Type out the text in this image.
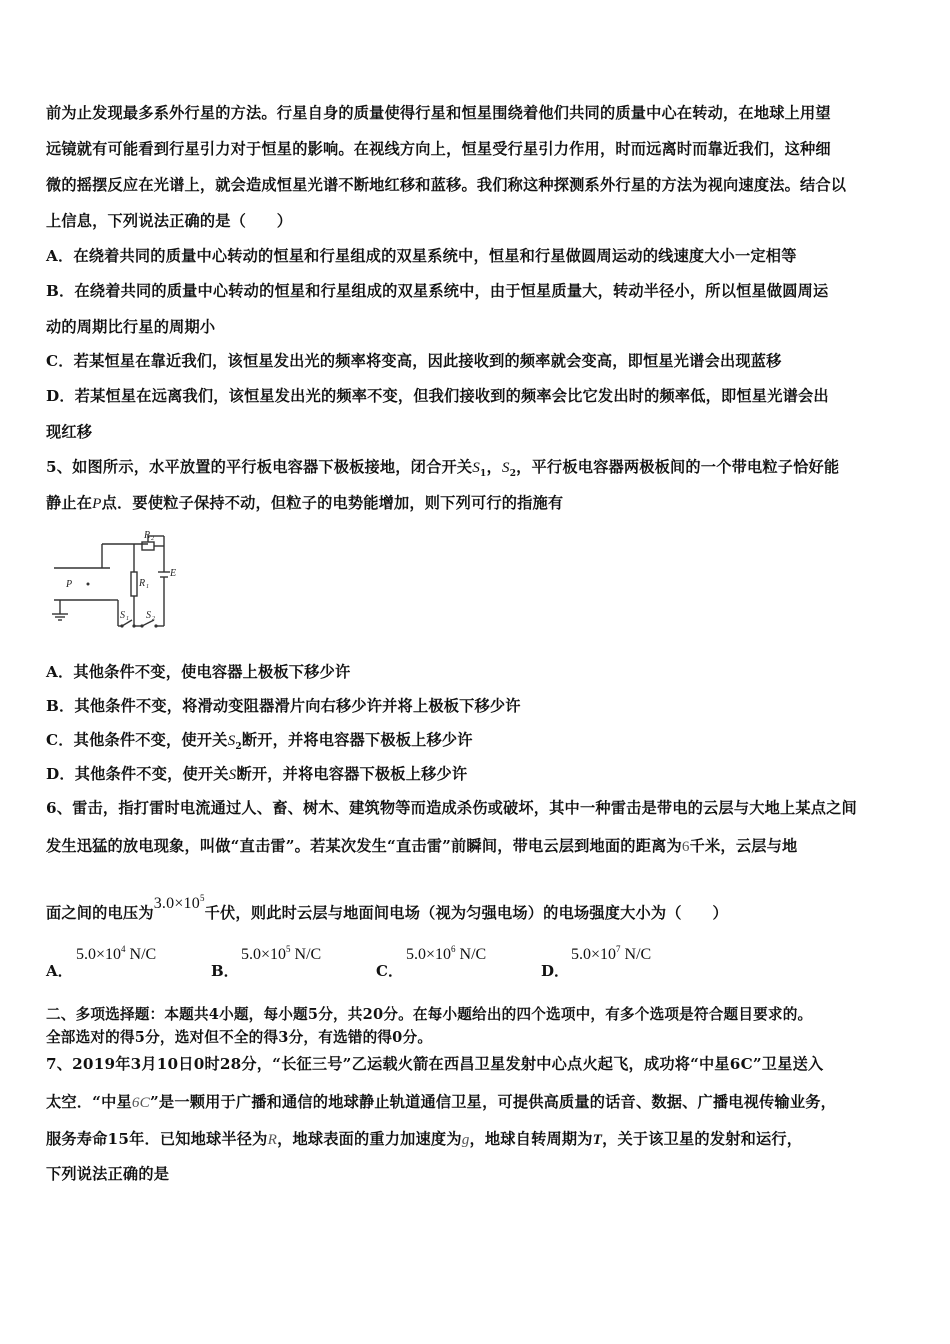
前为止发现最多系外行星的方法。行星自身的质量使得行星和恒星围绕着他们共同的质量中心在转动，在地球上用望
远镜就有可能看到行星引力对于恒星的影响。在视线方向上，恒星受行星引力作用，时而远离时而靠近我们，这种细
微的摇摆反应在光谱上，就会造成恒星光谱不断地红移和蓝移。我们称这种探测系外行星的方法为视向速度法。结合以
上信息，下列说法正确的是（　　）
A．在绕着共同的质量中心转动的恒星和行星组成的双星系统中，恒星和行星做圆周运动的线速度大小一定相等
B．在绕着共同的质量中心转动的恒星和行星组成的双星系统中，由于恒星质量大，转动半径小，所以恒星做圆周运
动的周期比行星的周期小
C．若某恒星在靠近我们，该恒星发出光的频率将变高，因此接收到的频率就会变高，即恒星光谱会出现蓝移
D．若某恒星在远离我们，该恒星发出光的频率不变，但我们接收到的频率会比它发出时的频率低，即恒星光谱会出
现红移
5、如图所示，水平放置的平行板电容器下极板接地，闭合开关$S_1$，$S_2$，平行板电容器两极板间的一个带电粒子恰好能
静止在P点．要使粒子保持不动，但粒子的电势能增加，则下列可行的指施有
P
R 2
R 1
E
S 1 S 2
A．其他条件不变，使电容器上极板下移少许
B．其他条件不变，将滑动变阻器滑片向右移少许并将上极板下移少许
C．其他条件不变，使开关$S_2$断开，并将电容器下极板上移少许
D．其他条件不变，使开关S断开，并将电容器下极板上移少许
6、雷击，指打雷时电流通过人、畜、树木、建筑物等而造成杀伤或破坏，其中一种雷击是带电的云层与大地上某点之间
发生迅猛的放电现象，叫做“直击雷”。若某次发生“直击雷”前瞬间，带电云层到地面的距离为6千米，云层与地
面之间的电压为$3.0\times 10^5$千伏，则此时云层与地面间电场（视为匀强电场）的电场强度大小为（　　）
A．
$5.0\times 10^4$ N/C
B．
$5.0\times 10^5$ N/C
C．
$5.0\times 10^6$ N/C
D．
$5.0\times 10^7$ N/C
二、多项选择题：本题共4小题，每小题5分，共20分。在每小题给出的四个选项中，有多个选项是符合题目要求的。
全部选对的得5分，选对但不全的得3分，有选错的得0分。
7、2019年3月10日0时28分，“长征三号”乙运载火箭在西昌卫星发射中心点火起飞，成功将“中星6C”卫星送入
太空．“中星6C”是一颗用于广播和通信的地球静止轨道通信卫星，可提供高质量的话音、数据、广播电视传输业务，
服务寿命15年．已知地球半径为R，地球表面的重力加速度为g，地球自转周期为T，关于该卫星的发射和运行，
下列说法正确的是
